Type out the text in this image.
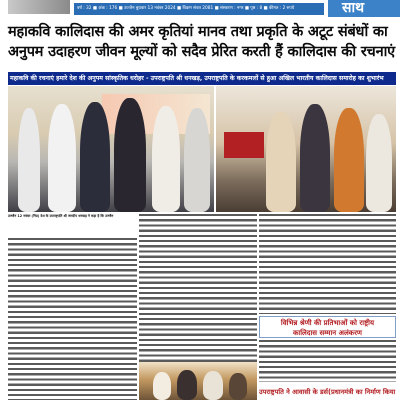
वर्ष : 32 ■ अंक : 176 ■ उज्जैन बुधवार 13 नवंबर 2024 ■ विक्रम संवत 2081 ■ संस्करण : नगर ■ पृष्ठ : 8 ■ कीमत : 2 रुपये	साथ
महाकवि कालिदास की अमर कृतियां मानव तथा प्रकृति के अटूट संबंधों का
अनुपम उदाहरण जीवन मूल्यों को सदैव प्रेरित करती हैं कालिदास की रचनाएं
महाकवि की रचनाएं हमारे देश की अनुपम सांस्कृतिक धरोहर - उपराष्ट्रपति श्री धनखड़, उपराष्ट्रपति के करकमलों से हुआ अखिल भारतीय कालिदास समारोह का शुभारंभ
उज्जैन 12 नवंबर (निप्र) देश के उपराष्ट्रपति श्री जगदीप धनखड़ ने कहा है कि उज्जैन
विभिन्न श्रेणी की प्रतिभाओं को राष्ट्रीय
कालिदास सम्मान अलंकरण
उपराष्ट्रपति ने आवासी के डर्स(प्रधानमंत्री का निर्माण किया
